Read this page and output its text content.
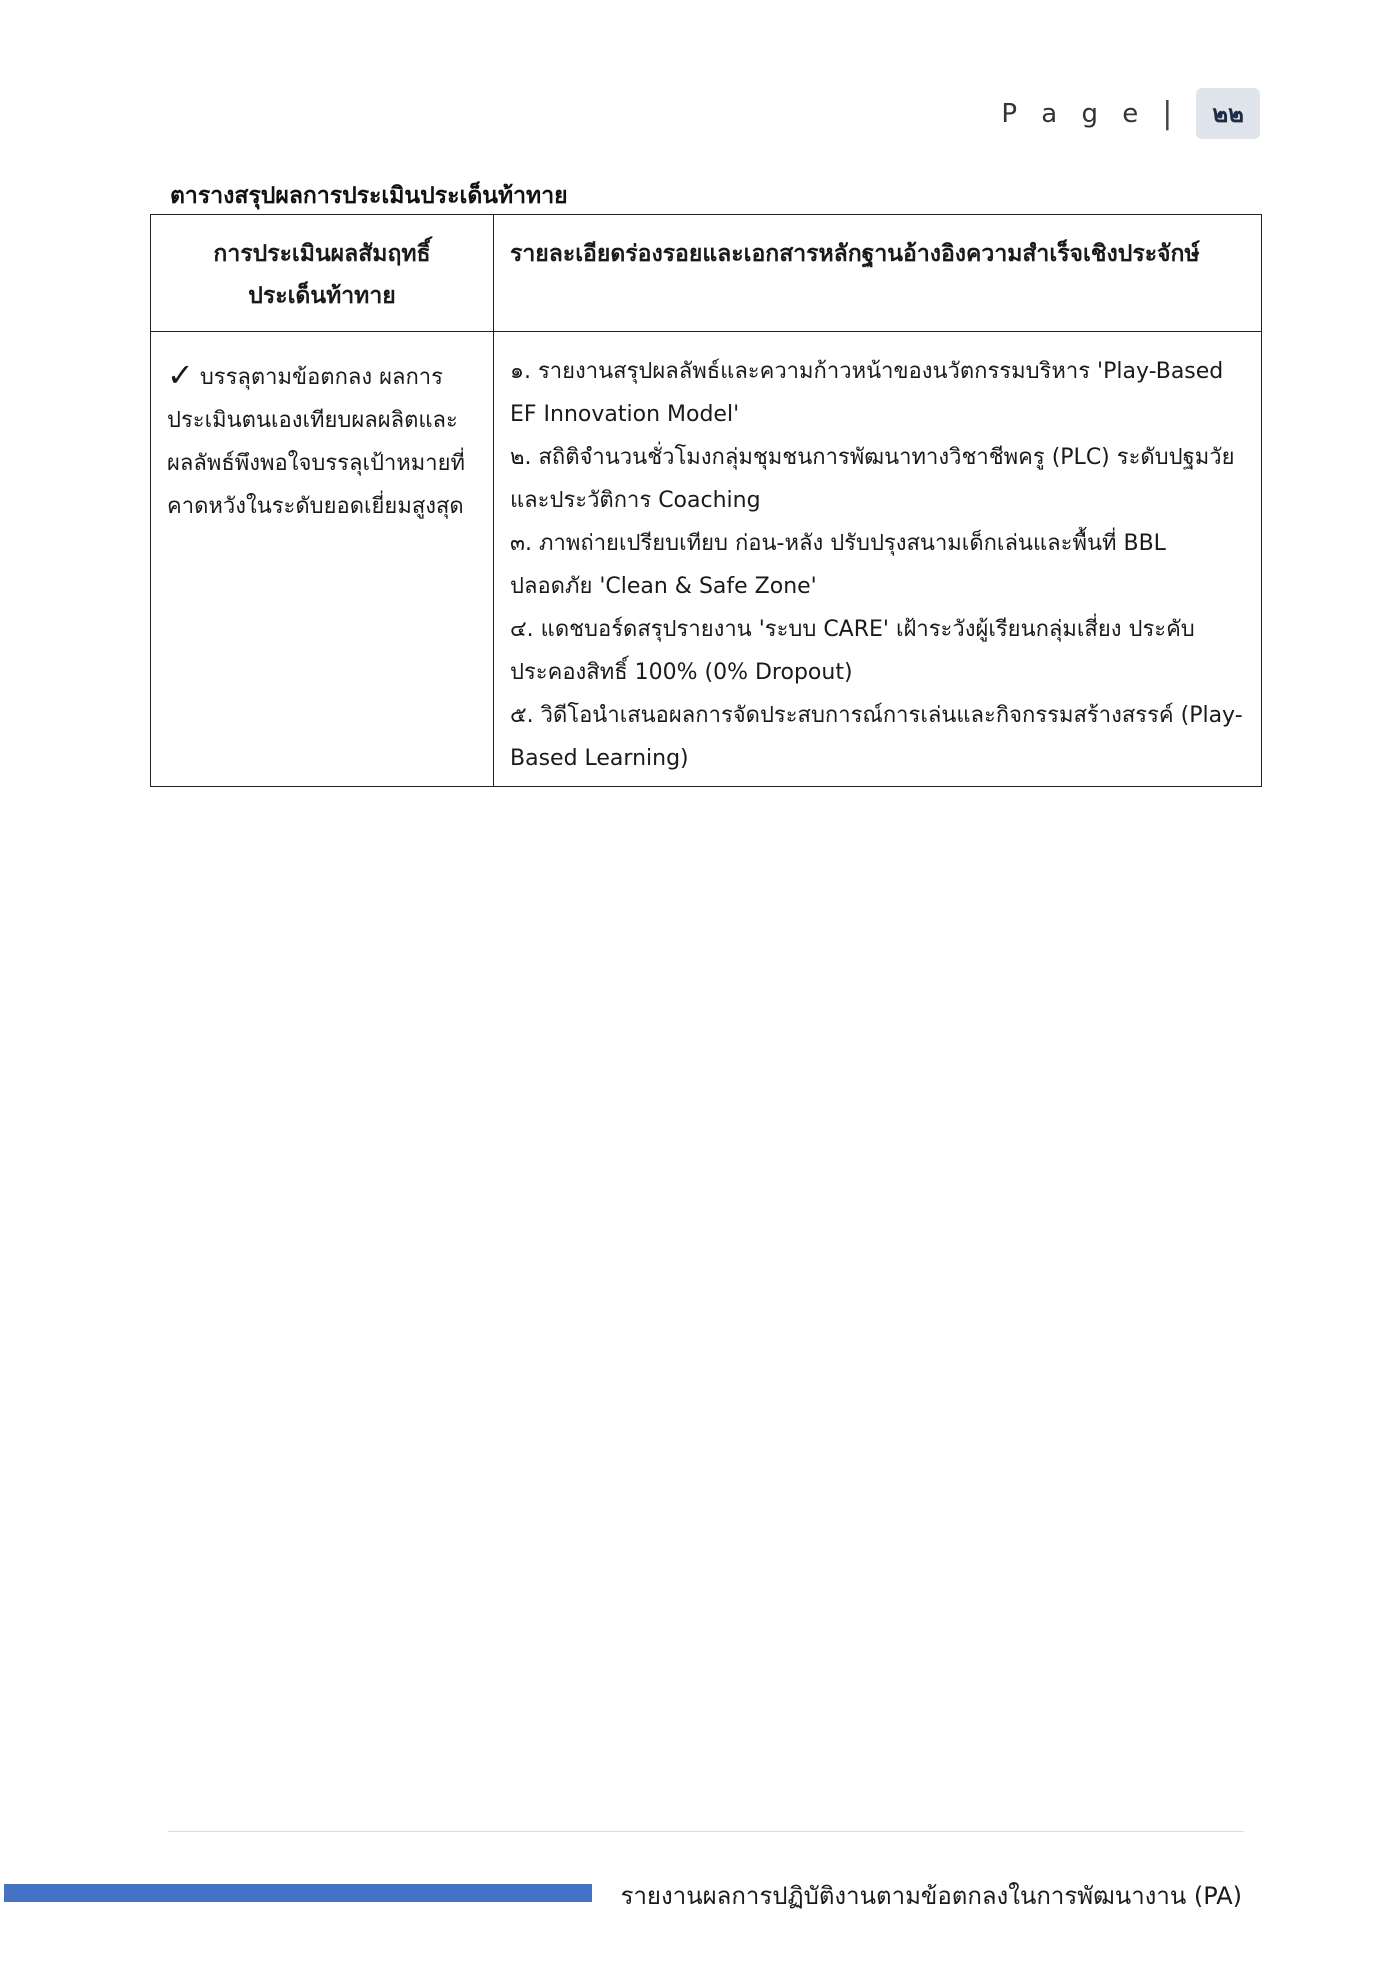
P a g e |	๒๒
ตารางสรุปผลการประเมินประเด็นท้าทาย
การประเมินผลสัมฤทธิ์
ประเด็นท้าทาย	รายละเอียดร่องรอยและเอกสารหลักฐานอ้างอิงความสำเร็จเชิงประจักษ์
✓ บรรลุตามข้อตกลง ผลการประเมินตนเองเทียบผลผลิตและผลลัพธ์พึงพอใจบรรลุเป้าหมายที่คาดหวังในระดับยอดเยี่ยมสูงสุด	๑. รายงานสรุปผลลัพธ์และความก้าวหน้าของนวัตกรรมบริหาร 'Play-Based EF Innovation Model'
๒. สถิติจำนวนชั่วโมงกลุ่มชุมชนการพัฒนาทางวิชาชีพครู (PLC) ระดับปฐมวัย และประวัติการ Coaching
๓. ภาพถ่ายเปรียบเทียบ ก่อน-หลัง ปรับปรุงสนามเด็กเล่นและพื้นที่ BBL ปลอดภัย 'Clean & Safe Zone'
๔. แดชบอร์ดสรุปรายงาน 'ระบบ CARE' เฝ้าระวังผู้เรียนกลุ่มเสี่ยง ประคับประคองสิทธิ์ 100% (0% Dropout)
๕. วิดีโอนำเสนอผลการจัดประสบการณ์การเล่นและกิจกรรมสร้างสรรค์ (Play-Based Learning)
รายงานผลการปฏิบัติงานตามข้อตกลงในการพัฒนางาน (PA)
